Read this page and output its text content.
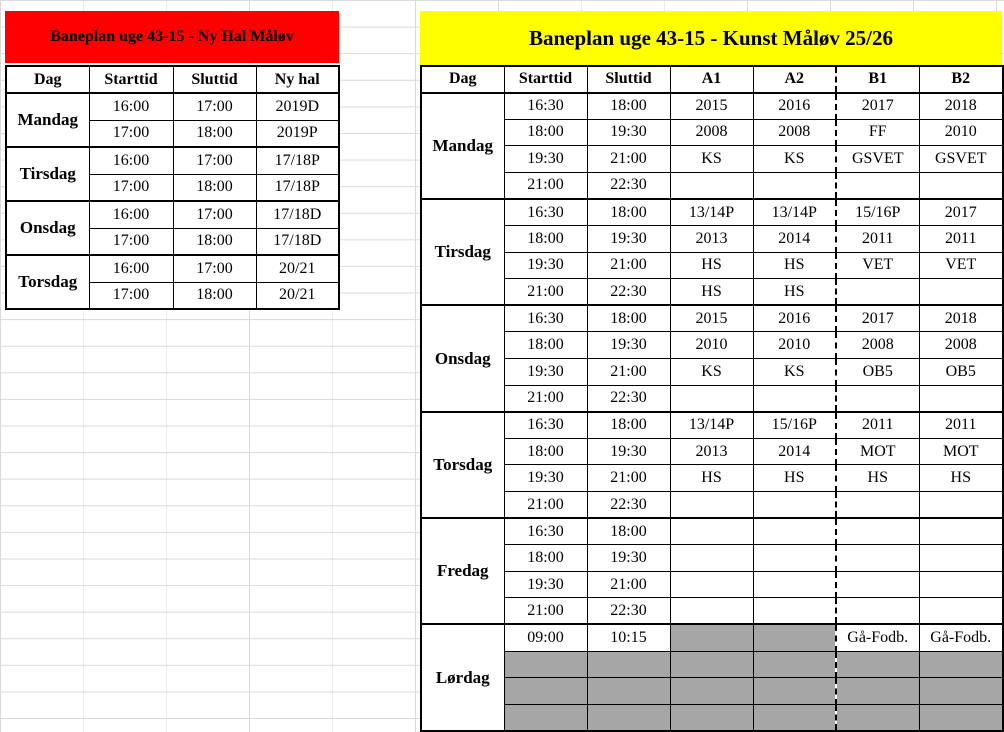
Baneplan uge 43-15 - Ny Hal Måløv	Baneplan uge 43-15 - Kunst Måløv 25/26
Dag	Starttid	Sluttid	Ny hal
Mandag	16:00	17:00	2019D
	17:00	18:00	2019P
Tirsdag	16:00	17:00	17/18P
	17:00	18:00	17/18P
Onsdag	16:00	17:00	17/18D
	17:00	18:00	17/18D
Torsdag	16:00	17:00	20/21
	17:00	18:00	20/21
Dag	Starttid	Sluttid	A1	A2	B1	B2
Mandag	16:30	18:00	2015	2016	2017	2018
	18:00	19:30	2008	2008	FF	2010
	19:30	21:00	KS	KS	GSVET	GSVET
	21:00	22:30				
Tirsdag	16:30	18:00	13/14P	13/14P	15/16P	2017
	18:00	19:30	2013	2014	2011	2011
	19:30	21:00	HS	HS	VET	VET
	21:00	22:30	HS	HS		
Onsdag	16:30	18:00	2015	2016	2017	2018
	18:00	19:30	2010	2010	2008	2008
	19:30	21:00	KS	KS	OB5	OB5
	21:00	22:30				
Torsdag	16:30	18:00	13/14P	15/16P	2011	2011
	18:00	19:30	2013	2014	MOT	MOT
	19:30	21:00	HS	HS	HS	HS
	21:00	22:30				
Fredag	16:30	18:00				
	18:00	19:30				
	19:30	21:00				
	21:00	22:30				
Lørdag	09:00	10:15			Gå-Fodb.	Gå-Fodb.
